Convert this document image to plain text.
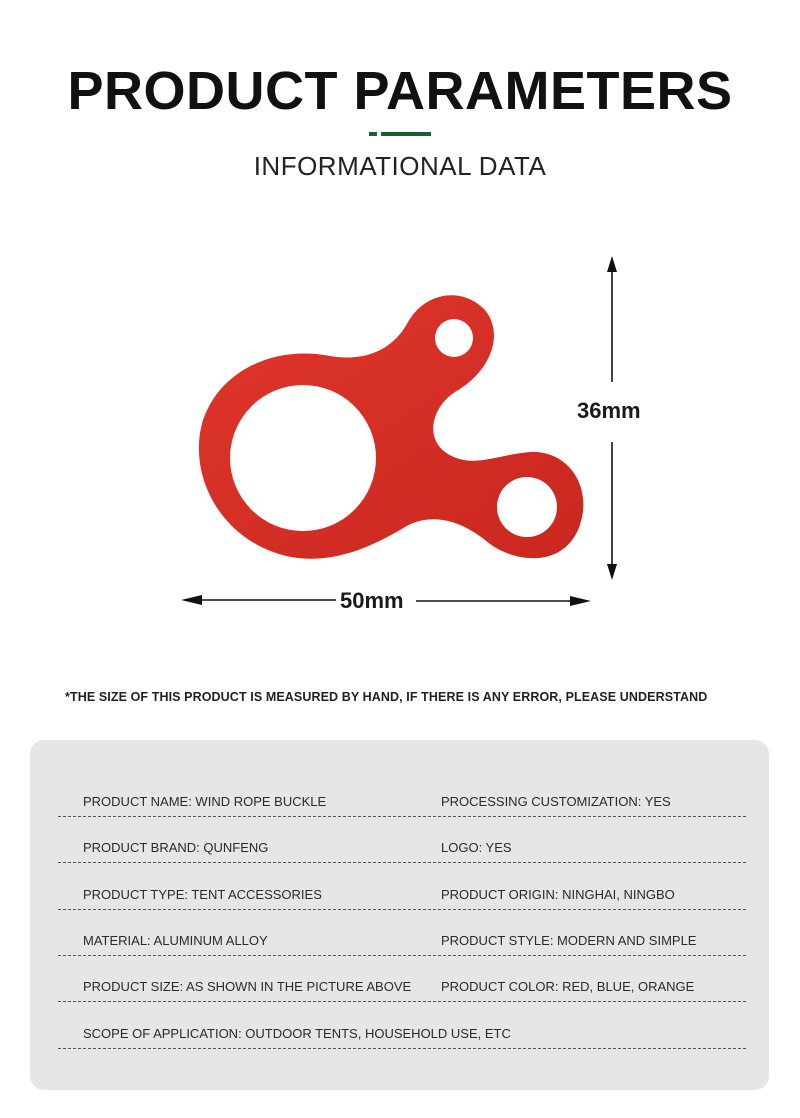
PRODUCT PARAMETERS
INFORMATIONAL DATA
36mm
50mm
*THE SIZE OF THIS PRODUCT IS MEASURED BY HAND, IF THERE IS ANY ERROR, PLEASE UNDERSTAND
PRODUCT NAME: WIND ROPE BUCKLE	PROCESSING CUSTOMIZATION: YES
PRODUCT BRAND: QUNFENG	LOGO: YES
PRODUCT TYPE: TENT ACCESSORIES	PRODUCT ORIGIN: NINGHAI, NINGBO
MATERIAL: ALUMINUM ALLOY	PRODUCT STYLE: MODERN AND SIMPLE
PRODUCT SIZE: AS SHOWN IN THE PICTURE ABOVE PRODUCT COLOR: RED, BLUE, ORANGE
SCOPE OF APPLICATION: OUTDOOR TENTS, HOUSEHOLD USE, ETC
